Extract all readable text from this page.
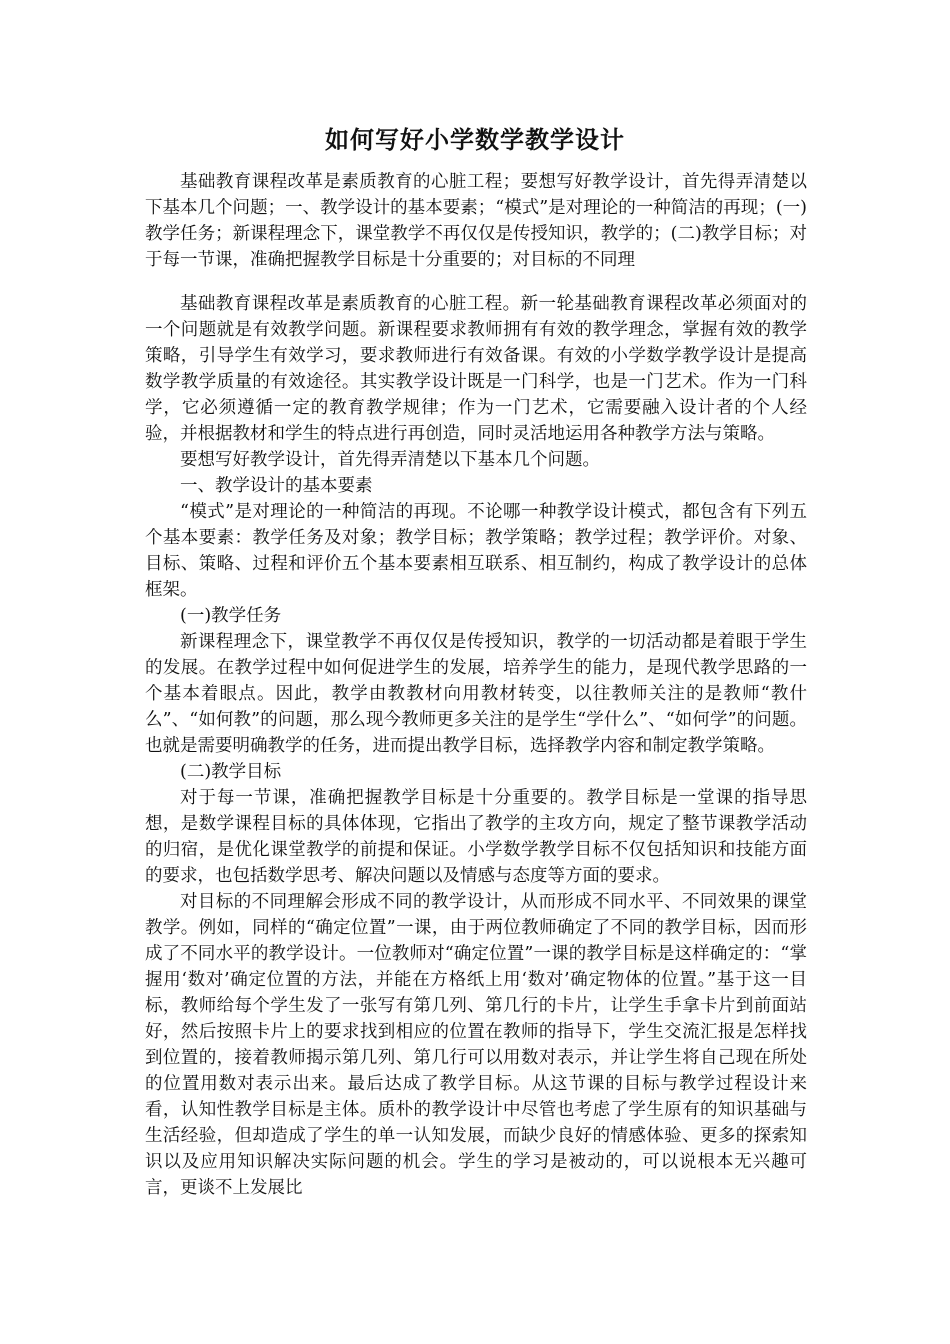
如何写好小学数学教学设计

基础教育课程改革是素质教育的心脏工程；要想写好教学设计，首先得弄清楚以下基本几个问题；一、教学设计的基本要素；“模式”是对理论的一种简洁的再现；(一)教学任务；新课程理念下，课堂教学不再仅仅是传授知识，教学的；(二)教学目标；对于每一节课，准确把握教学目标是十分重要的；对目标的不同理

基础教育课程改革是素质教育的心脏工程。新一轮基础教育课程改革必须面对的一个问题就是有效教学问题。新课程要求教师拥有有效的教学理念，掌握有效的教学策略，引导学生有效学习，要求教师进行有效备课。有效的小学数学教学设计是提高数学教学质量的有效途径。其实教学设计既是一门科学，也是一门艺术。作为一门科学，它必须遵循一定的教育教学规律；作为一门艺术，它需要融入设计者的个人经验，并根据教材和学生的特点进行再创造，同时灵活地运用各种教学方法与策略。

要想写好教学设计，首先得弄清楚以下基本几个问题。

一、教学设计的基本要素

“模式”是对理论的一种简洁的再现。不论哪一种教学设计模式，都包含有下列五个基本要素：教学任务及对象；教学目标；教学策略；教学过程；教学评价。对象、目标、策略、过程和评价五个基本要素相互联系、相互制约，构成了教学设计的总体框架。

(一)教学任务

新课程理念下，课堂教学不再仅仅是传授知识，教学的一切活动都是着眼于学生的发展。在教学过程中如何促进学生的发展，培养学生的能力，是现代教学思路的一个基本着眼点。因此，教学由教教材向用教材转变，以往教师关注的是教师“教什么”、“如何教”的问题，那么现今教师更多关注的是学生“学什么”、“如何学”的问题。也就是需要明确教学的任务，进而提出教学目标，选择教学内容和制定教学策略。

(二)教学目标

对于每一节课，准确把握教学目标是十分重要的。教学目标是一堂课的指导思想，是数学课程目标的具体体现，它指出了教学的主攻方向，规定了整节课教学活动的归宿，是优化课堂教学的前提和保证。小学数学教学目标不仅包括知识和技能方面的要求，也包括数学思考、解决问题以及情感与态度等方面的要求。

对目标的不同理解会形成不同的教学设计，从而形成不同水平、不同效果的课堂教学。例如，同样的“确定位置”一课，由于两位教师确定了不同的教学目标，因而形成了不同水平的教学设计。一位教师对“确定位置”一课的教学目标是这样确定的：“掌握用‘数对’确定位置的方法，并能在方格纸上用‘数对’确定物体的位置。”基于这一目标，教师给每个学生发了一张写有第几列、第几行的卡片，让学生手拿卡片到前面站好，然后按照卡片上的要求找到相应的位置在教师的指导下，学生交流汇报是怎样找到位置的，接着教师揭示第几列、第几行可以用数对表示，并让学生将自己现在所处的位置用数对表示出来。最后达成了教学目标。从这节课的目标与教学过程设计来看，认知性教学目标是主体。质朴的教学设计中尽管也考虑了学生原有的知识基础与生活经验，但却造成了学生的单一认知发展，而缺少良好的情感体验、更多的探索知识以及应用知识解决实际问题的机会。学生的学习是被动的，可以说根本无兴趣可言，更谈不上发展比
